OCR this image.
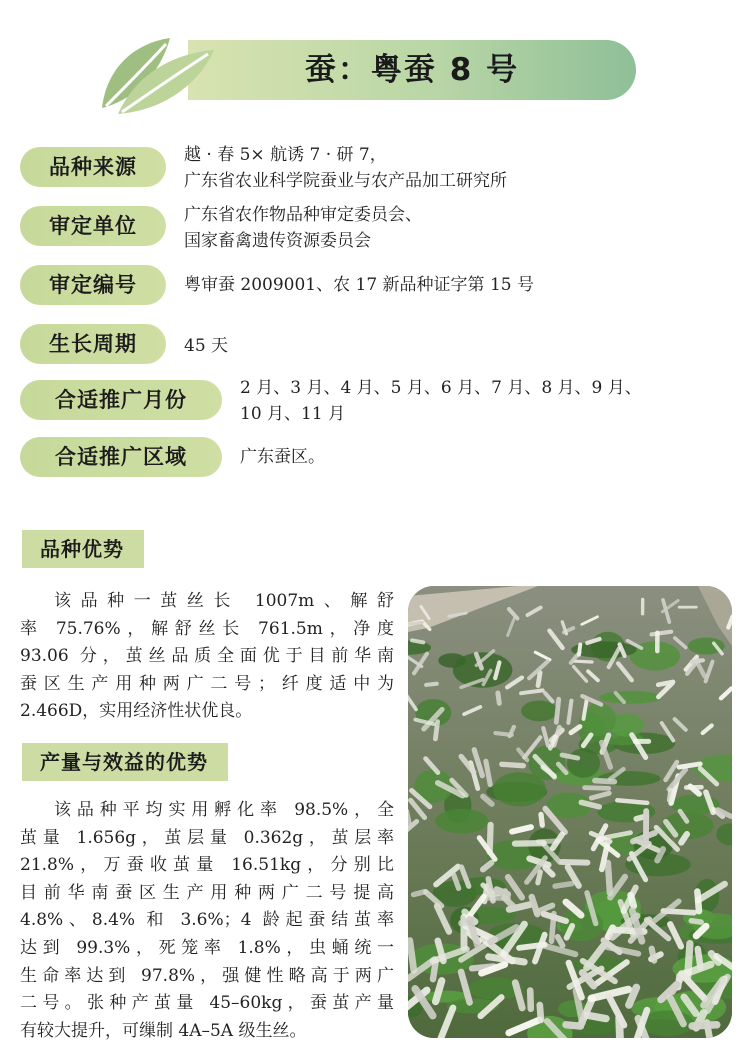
蚕：粤蚕 8 号
品种来源	越 · 春 5× 航诱 7 · 研 7，
广东省农业科学院蚕业与农产品加工研究所
审定单位	广东省农作物品种审定委员会、
国家畜禽遗传资源委员会
审定编号	粤审蚕 2009001、农 17 新品种证字第 15 号
生长周期	45 天
合适推广月份	2 月、3 月、4 月、5 月、6 月、7 月、8 月、9 月、
10 月、11 月
合适推广区域	广东蚕区。
品种优势
该品种一茧丝长 1007m、解舒
率 75.76%，解舒丝长 761.5m，净度
93.06 分，茧丝品质全面优于目前华南
蚕区生产用种两广二号；纤度适中为
2.466D，实用经济性状优良。
产量与效益的优势
该品种平均实用孵化率 98.5%，全
茧量 1.656g，茧层量 0.362g，茧层率
21.8%，万蚕收茧量 16.51kg，分别比
目前华南蚕区生产用种两广二号提高
4.8%、8.4% 和 3.6%；4 龄起蚕结茧率
达到 99.3%，死笼率 1.8%，虫蛹统一
生命率达到 97.8%，强健性略高于两广
二号。张种产茧量 45–60kg，蚕茧产量
有较大提升，可缫制 4A–5A 级生丝。
